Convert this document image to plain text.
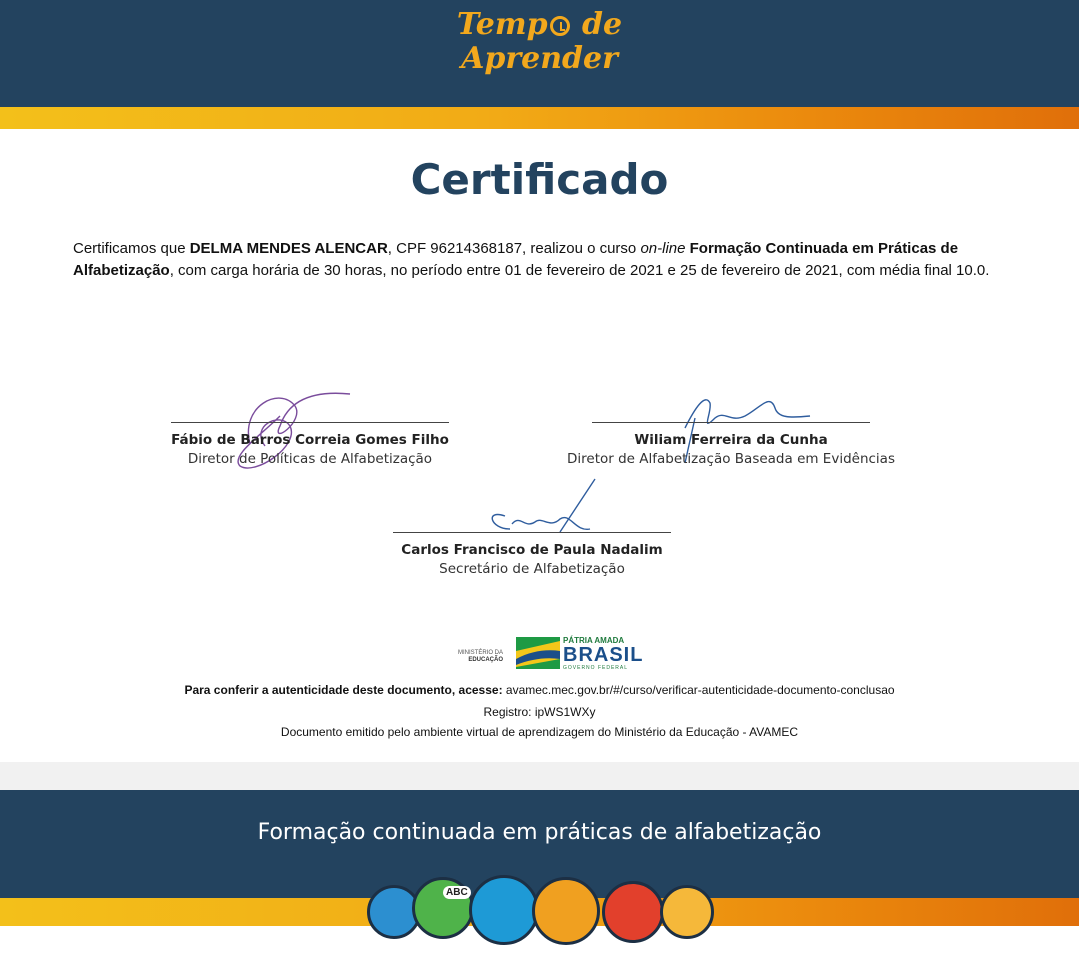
Temp de
Aprender
Certificado
Certificamos que DELMA MENDES ALENCAR, CPF 96214368187, realizou o curso on-line Formação Continuada em Práticas de Alfabetização, com carga horária de 30 horas, no período entre 01 de fevereiro de 2021 e 25 de fevereiro de 2021, com média final 10.0.
Fábio de Barros Correia Gomes Filho
Diretor de Políticas de Alfabetização
Wiliam Ferreira da Cunha
Diretor de Alfabetização Baseada em Evidências
Carlos Francisco de Paula Nadalim
Secretário de Alfabetização
MINISTÉRIO DA
EDUCAÇÃO
PÁTRIA AMADA
BRASIL
GOVERNO FEDERAL
Para conferir a autenticidade deste documento, acesse: avamec.mec.gov.br/#/curso/verificar-autenticidade-documento-conclusao
Registro: ipWS1WXy
Documento emitido pelo ambiente virtual de aprendizagem do Ministério da Educação - AVAMEC
Formação continuada em práticas de alfabetização
ABC
